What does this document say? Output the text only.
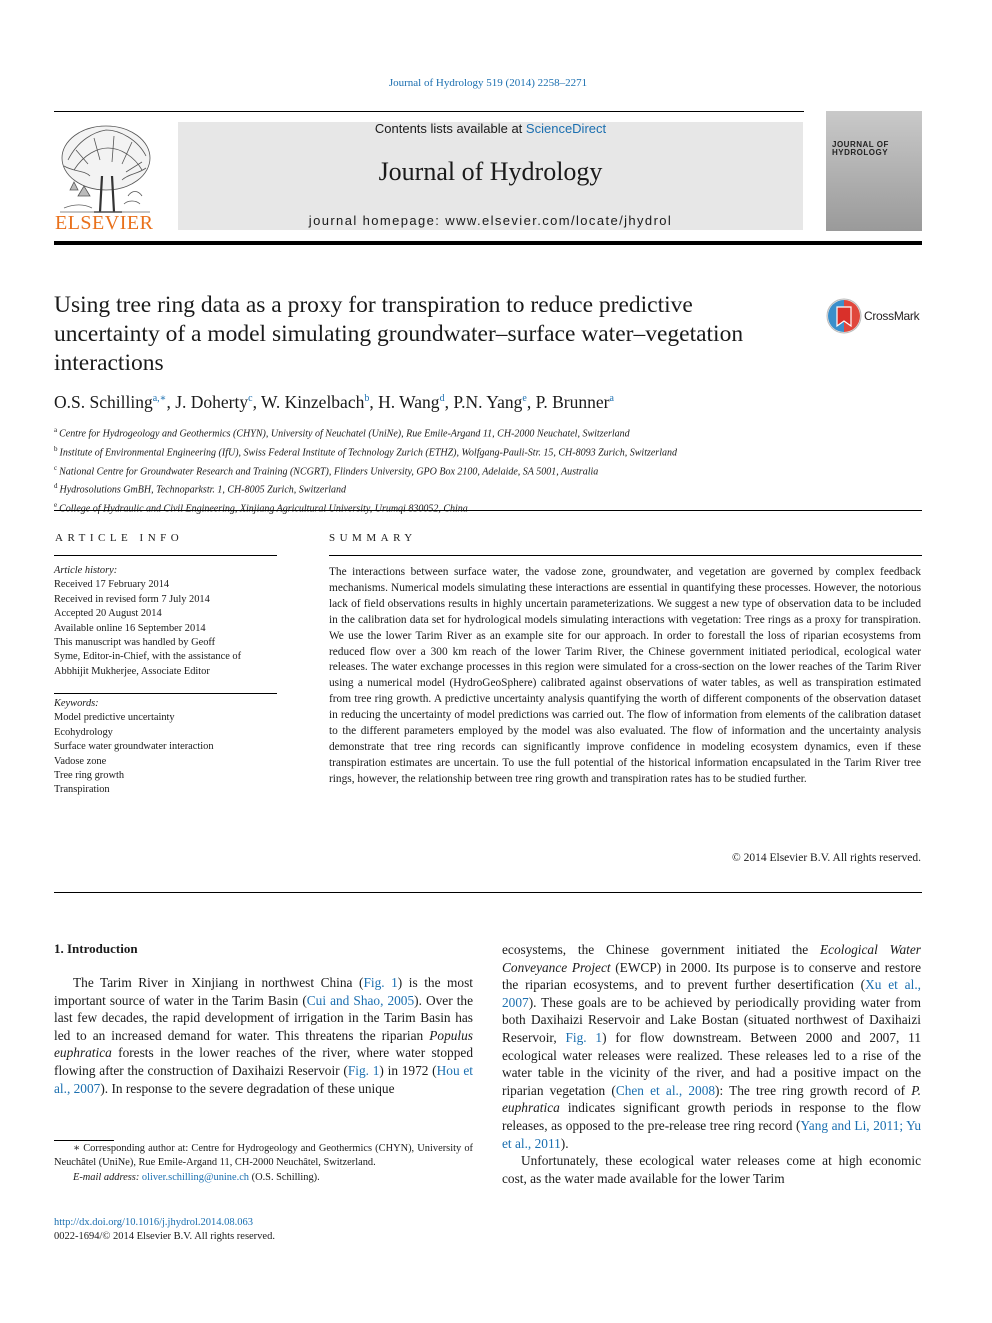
Journal of Hydrology 519 (2014) 2258–2271
ELSEVIER
Contents lists available at ScienceDirect
Journal of Hydrology
journal homepage: www.elsevier.com/locate/jhydrol
JOURNAL OF HYDROLOGY
Using tree ring data as a proxy for transpiration to reduce predictive uncertainty of a model simulating groundwater–surface water–vegetation interactions
CrossMark
O.S. Schilling$^{a,∗}$, J. Doherty$^c$, W. Kinzelbach$^b$, H. Wang$^d$, P.N. Yang$^e$, P. Brunner$^a$
$^a$ Centre for Hydrogeology and Geothermics (CHYN), University of Neuchatel (UniNe), Rue Emile-Argand 11, CH-2000 Neuchatel, Switzerland
$^b$ Institute of Environmental Engineering (IfU), Swiss Federal Institute of Technology Zurich (ETHZ), Wolfgang-Pauli-Str. 15, CH-8093 Zurich, Switzerland
$^c$ National Centre for Groundwater Research and Training (NCGRT), Flinders University, GPO Box 2100, Adelaide, SA 5001, Australia
$^d$ Hydrosolutions GmBH, Technoparkstr. 1, CH-8005 Zurich, Switzerland
$^e$
ARTICLE INFO
Article history:
Received 17 February 2014
Received in revised form 7 July 2014
Accepted 20 August 2014
Available online 16 September 2014
This manuscript was handled by Geoff
Syme, Editor-in-Chief, with the assistance of
Abbhijit Mukherjee, Associate Editor
Keywords:
Model predictive uncertainty
Ecohydrology
Surface water groundwater interaction
Vadose zone
Tree ring growth
Transpiration
SUMMARY
The interactions between surface water, the vadose zone, groundwater, and vegetation are governed by complex feedback mechanisms. Numerical models simulating these interactions are essential in quantifying these processes. However, the notorious lack of field observations results in highly uncertain parameterizations. We suggest a new type of observation data to be included in the calibration data set for hydrological models simulating interactions with vegetation: Tree rings as a proxy for transpiration. We use the lower Tarim River as an example site for our approach. In order to forestall the loss of riparian ecosystems from reduced flow over a 300 km reach of the lower Tarim River, the Chinese government initiated periodical, ecological water releases. The water exchange processes in this region were simulated for a cross-section on the lower reaches of the Tarim River using a numerical model (HydroGeoSphere) calibrated against observations of water tables, as well as transpiration estimated from tree ring growth. A predictive uncertainty analysis quantifying the worth of different components of the observation dataset in reducing the uncertainty of model predictions was carried out. The flow of information from elements of the calibration dataset to the different parameters employed by the model was also evaluated. The flow of information and the uncertainty analysis demonstrate that tree ring records can significantly improve confidence in modeling ecosystem dynamics, even if these transpiration estimates are uncertain. To use the full potential of the historical information encapsulated in the Tarim River tree rings, however, the relationship between tree ring growth and transpiration rates has to be studied further.
© 2014 Elsevier B.V. All rights reserved.
1. Introduction

The Tarim River in Xinjiang in northwest China (Fig. 1) is the most important source of water in the Tarim Basin (Cui and Shao, 2005). Over the last few decades, the rapid development of irrigation in the Tarim Basin has led to an increased demand for water. This threatens the riparian Populus euphratica forests in the lower reaches of the river, where water stopped flowing after the construction of Daxihaizi Reservoir (Fig. 1) in 1972 (Hou et al., 2007). In response to the severe degradation of these unique

ecosystems, the Chinese government initiated the Ecological Water Conveyance Project (EWCP) in 2000. Its purpose is to conserve and restore the riparian ecosystems, and to prevent further desertification (Xu et al., 2007). These goals are to be achieved by periodically providing water from both Daxihaizi Reservoir and Lake Bostan (situated northwest of Daxihaizi Reservoir, Fig. 1) for flow downstream. Between 2000 and 2007, 11 ecological water releases were realized. These releases led to a rise of the water table in the vicinity of the river, and had a positive impact on the riparian vegetation (Chen et al., 2008): The tree ring growth record of P. euphratica indicates significant growth periods in response to the flow releases, as opposed to the pre-release tree ring record (Yang and Li, 2011; Yu et al., 2011).

Unfortunately, these ecological water releases come at high economic cost, as the water made available for the lower Tarim

∗ Corresponding author at: Centre for Hydrogeology and Geothermics (CHYN), University of Neuchâtel (UniNe), Rue Emile-Argand 11, CH-2000 Neuchâtel, Switzerland.
E-mail address: oliver.schilling@unine.ch (O.S. Schilling).
http://dx.doi.org/10.1016/j.jhydrol.2014.08.063
0022-1694/© 2014 Elsevier B.V. All rights reserved.
